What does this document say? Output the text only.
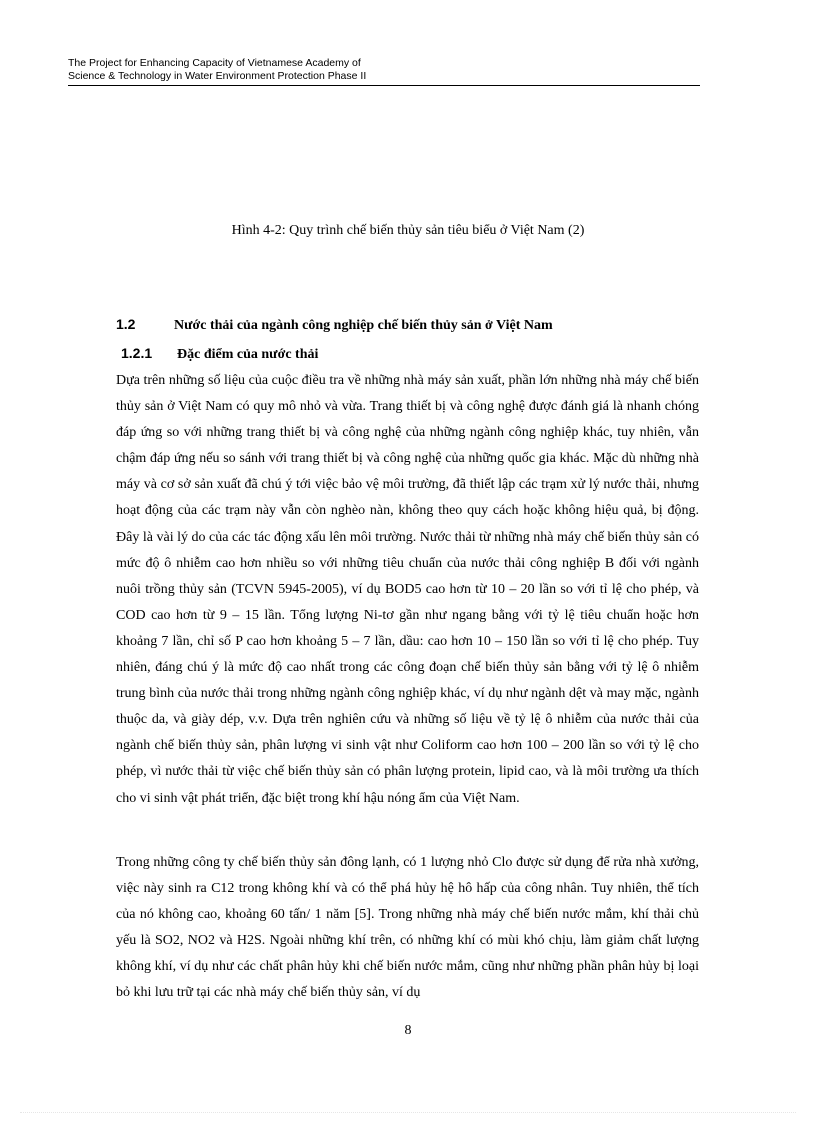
The Project for Enhancing Capacity of Vietnamese Academy of
Science & Technology in Water Environment Protection Phase II
Hình 4-2: Quy trình chế biến thủy sản tiêu biểu ở Việt Nam (2)
1.2	Nước thải của ngành công nghiệp chế biến thủy sản ở Việt Nam
1.2.1 Đặc điểm của nước thải

Dựa trên những số liệu của cuộc điều tra về những nhà máy sản xuất, phần lớn những nhà máy chế biến thủy sản ở Việt Nam có quy mô nhỏ và vừa. Trang thiết bị và công nghệ được đánh giá là nhanh chóng đáp ứng so với những trang thiết bị và công nghệ của những ngành công nghiệp khác, tuy nhiên, vẫn chậm đáp ứng nếu so sánh với trang thiết bị và công nghệ của những quốc gia khác. Mặc dù những nhà máy và cơ sở sản xuất đã chú ý tới việc bảo vệ môi trường, đã thiết lập các trạm xử lý nước thải, nhưng hoạt động của các trạm này vẫn còn nghèo nàn, không theo quy cách hoặc không hiệu quả, bị động. Đây là vài lý do của các tác động xấu lên môi trường. Nước thải từ những nhà máy chế biến thủy sản có mức độ ô nhiễm cao hơn nhiều so với những tiêu chuẩn của nước thải công nghiệp B đối với ngành nuôi trồng thủy sản (TCVN 5945-2005), ví dụ BOD5 cao hơn từ 10 – 20 lần so với tỉ lệ cho phép, và COD cao hơn từ 9 – 15 lần. Tổng lượng Ni-tơ gần như ngang bằng với tỷ lệ tiêu chuẩn hoặc hơn khoảng 7 lần, chỉ số P cao hơn khoảng 5 – 7 lần, dầu: cao hơn 10 – 150 lần so với tỉ lệ cho phép. Tuy nhiên, đáng chú ý là mức độ cao nhất trong các công đoạn chế biến thủy sản bằng với tỷ lệ ô nhiễm trung bình của nước thải trong những ngành công nghiệp khác, ví dụ như ngành dệt và may mặc, ngành thuộc da, và giày dép, v.v. Dựa trên nghiên cứu và những số liệu về tỷ lệ ô nhiễm của nước thải của ngành chế biến thủy sản, phân lượng vi sinh vật như Coliform cao hơn 100 – 200 lần so với tỷ lệ cho phép, vì nước thải từ việc chế biến thủy sản có phân lượng protein, lipid cao, và là môi trường ưa thích cho vi sinh vật phát triển, đặc biệt trong khí hậu nóng ẩm của Việt Nam.

Trong những công ty chế biến thủy sản đông lạnh, có 1 lượng nhỏ Clo được sử dụng để rửa nhà xưởng, việc này sinh ra C12 trong không khí và có thể phá hủy hệ hô hấp của công nhân. Tuy nhiên, thể tích của nó không cao, khoảng 60 tấn/ 1 năm [5]. Trong những nhà máy chế biến nước mắm, khí thải chủ yếu là SO2, NO2 và H2S. Ngoài những khí trên, có những khí có mùi khó chịu, làm giảm chất lượng không khí, ví dụ như các chất phân hủy khi chế biến nước mắm, cũng như những phần phân hủy bị loại bỏ khi lưu trữ tại các nhà máy chế biến thủy sản, ví dụ

8
